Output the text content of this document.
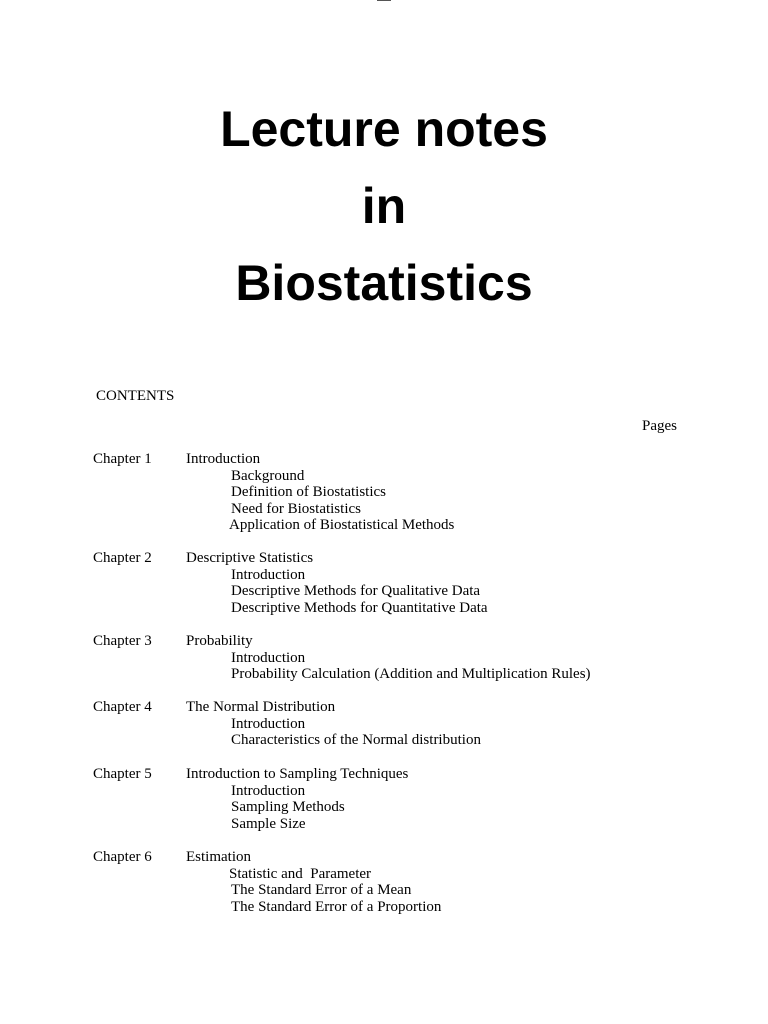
Lecture notes
in
Biostatistics
CONTENTS
Pages
Chapter 1 Introduction
Background
Definition of Biostatistics
Need for Biostatistics
Application of Biostatistical Methods
Chapter 2 Descriptive Statistics
Introduction
Descriptive Methods for Qualitative Data
Descriptive Methods for Quantitative Data
Chapter 3 Probability
Introduction
Probability Calculation (Addition and Multiplication Rules)
Chapter 4 The Normal Distribution
Introduction
Characteristics of the Normal distribution
Chapter 5 Introduction to Sampling Techniques
Introduction
Sampling Methods
Sample Size
Chapter 6 Estimation
Statistic and  Parameter
The Standard Error of a Mean
The Standard Error of a Proportion
